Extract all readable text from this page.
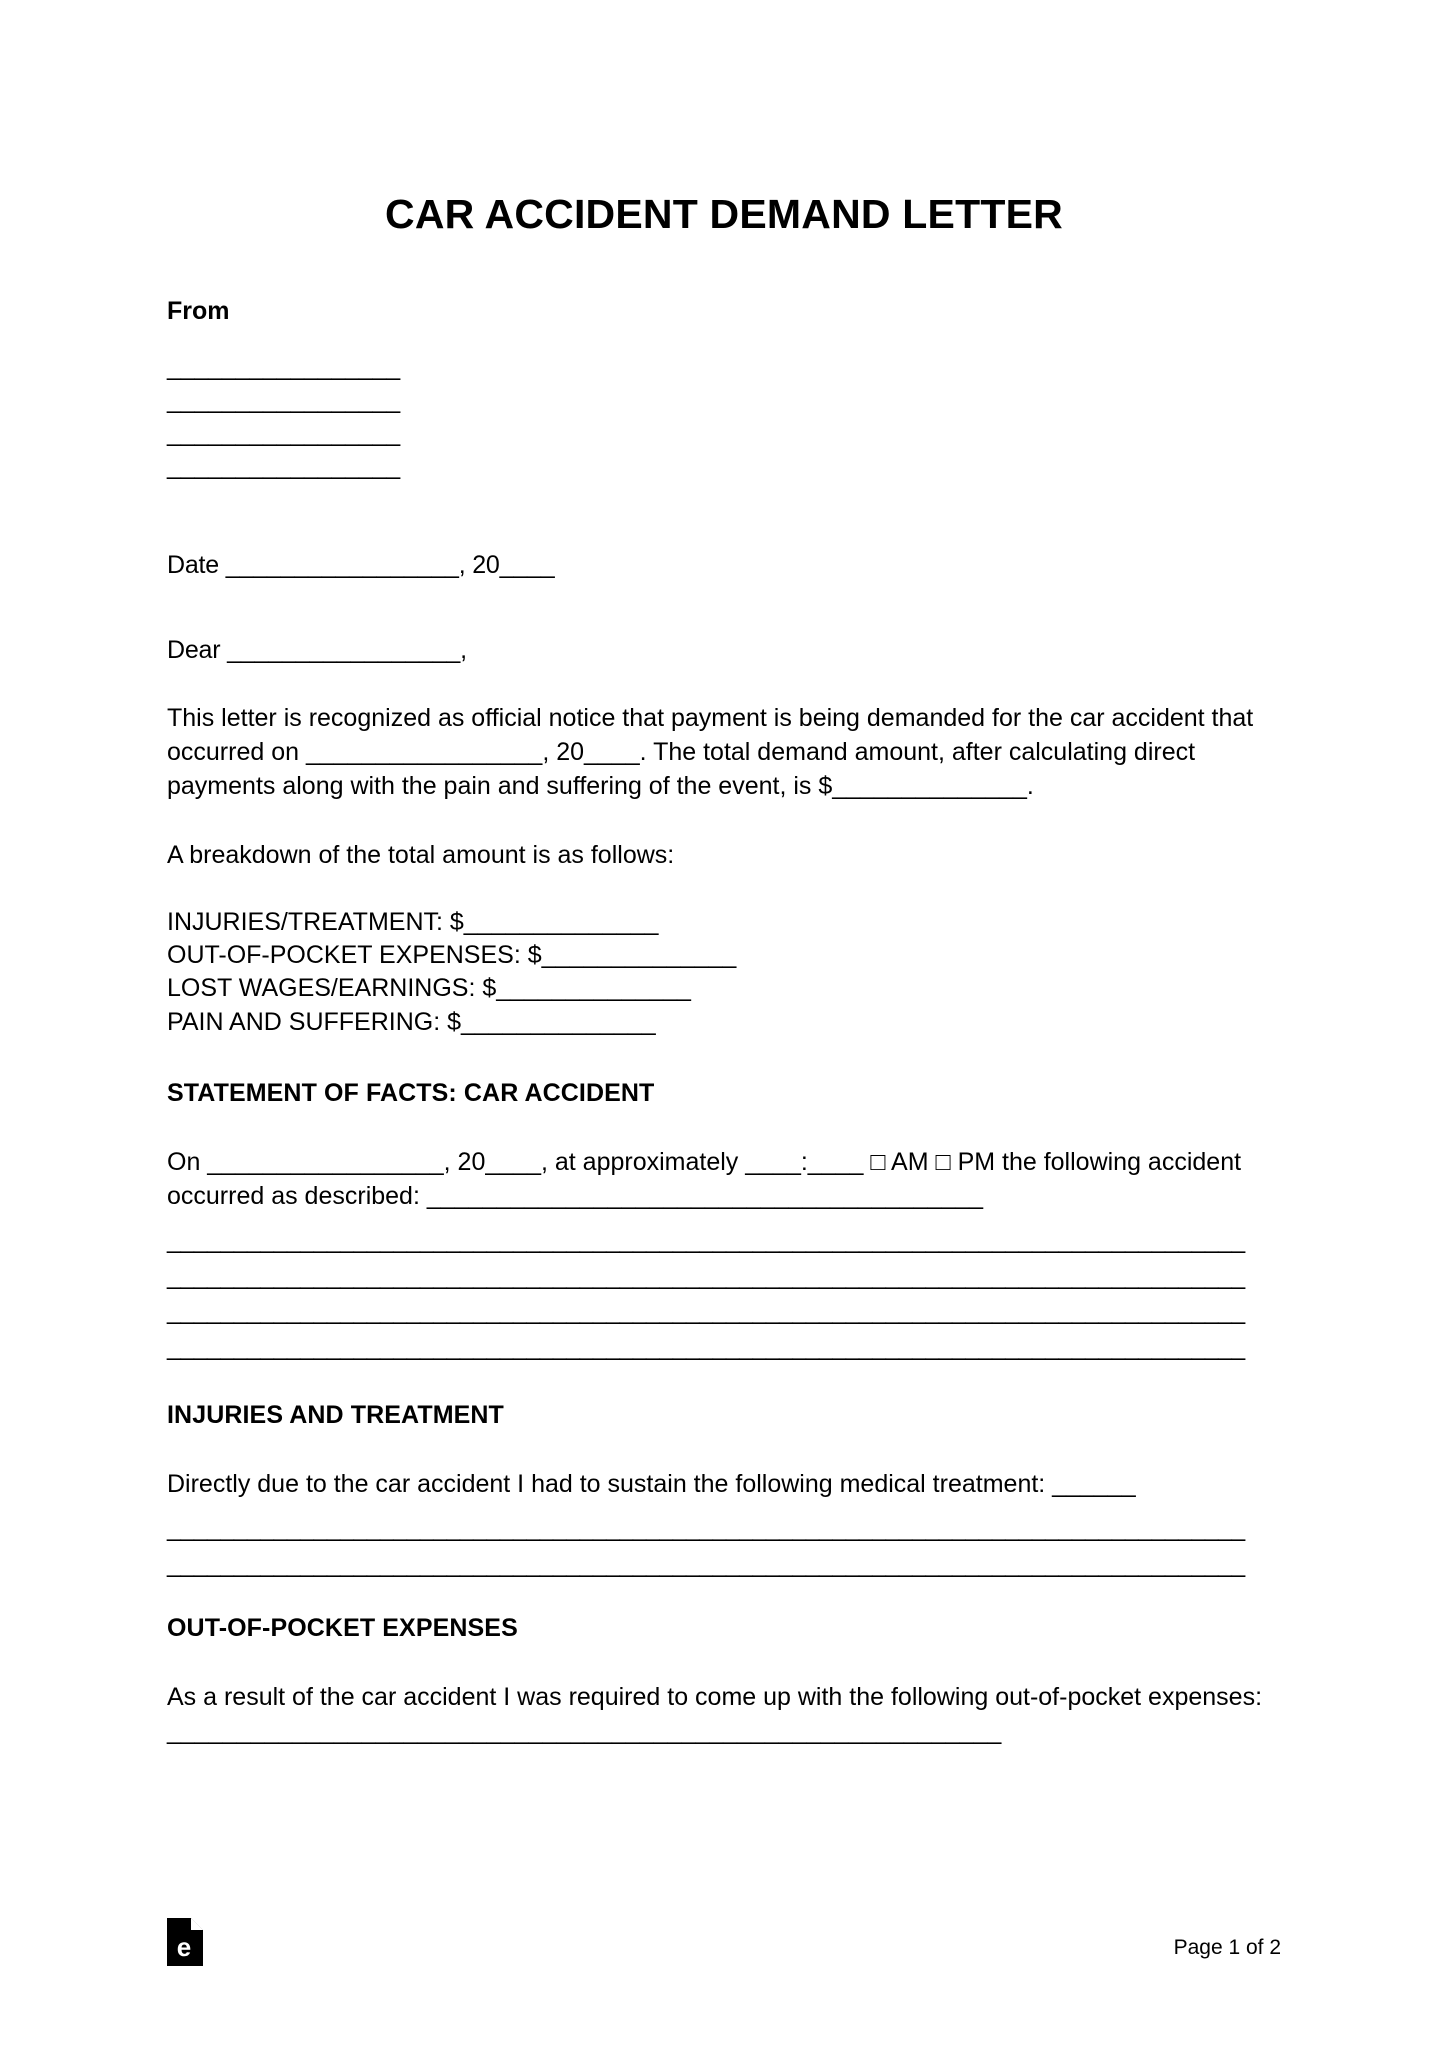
CAR ACCIDENT DEMAND LETTER
From
_________________
_________________
_________________
_________________
Date _________________, 20____
Dear _________________,
This letter is recognized as official notice that payment is being demanded for the car accident that occurred on _________________, 20____. The total demand amount, after calculating direct payments along with the pain and suffering of the event, is $______________.
A breakdown of the total amount is as follows:
INJURIES/TREATMENT: $______________
OUT-OF-POCKET EXPENSES: $______________
LOST WAGES/EARNINGS: $______________
PAIN AND SUFFERING: $______________
STATEMENT OF FACTS: CAR ACCIDENT
On _________________, 20____, at approximately ____:____ □ AM □ PM the following accident occurred as described: ________________________________________
_________________________________________________________________________________
_________________________________________________________________________________
_________________________________________________________________________________
_________________________________________________________________________________
INJURIES AND TREATMENT
Directly due to the car accident I had to sustain the following medical treatment: ______
_________________________________________________________________________________
_________________________________________________________________________________
OUT-OF-POCKET EXPENSES
As a result of the car accident I was required to come up with the following out-of-pocket expenses: ____________________________________________________________
e	Page 1 of 2
